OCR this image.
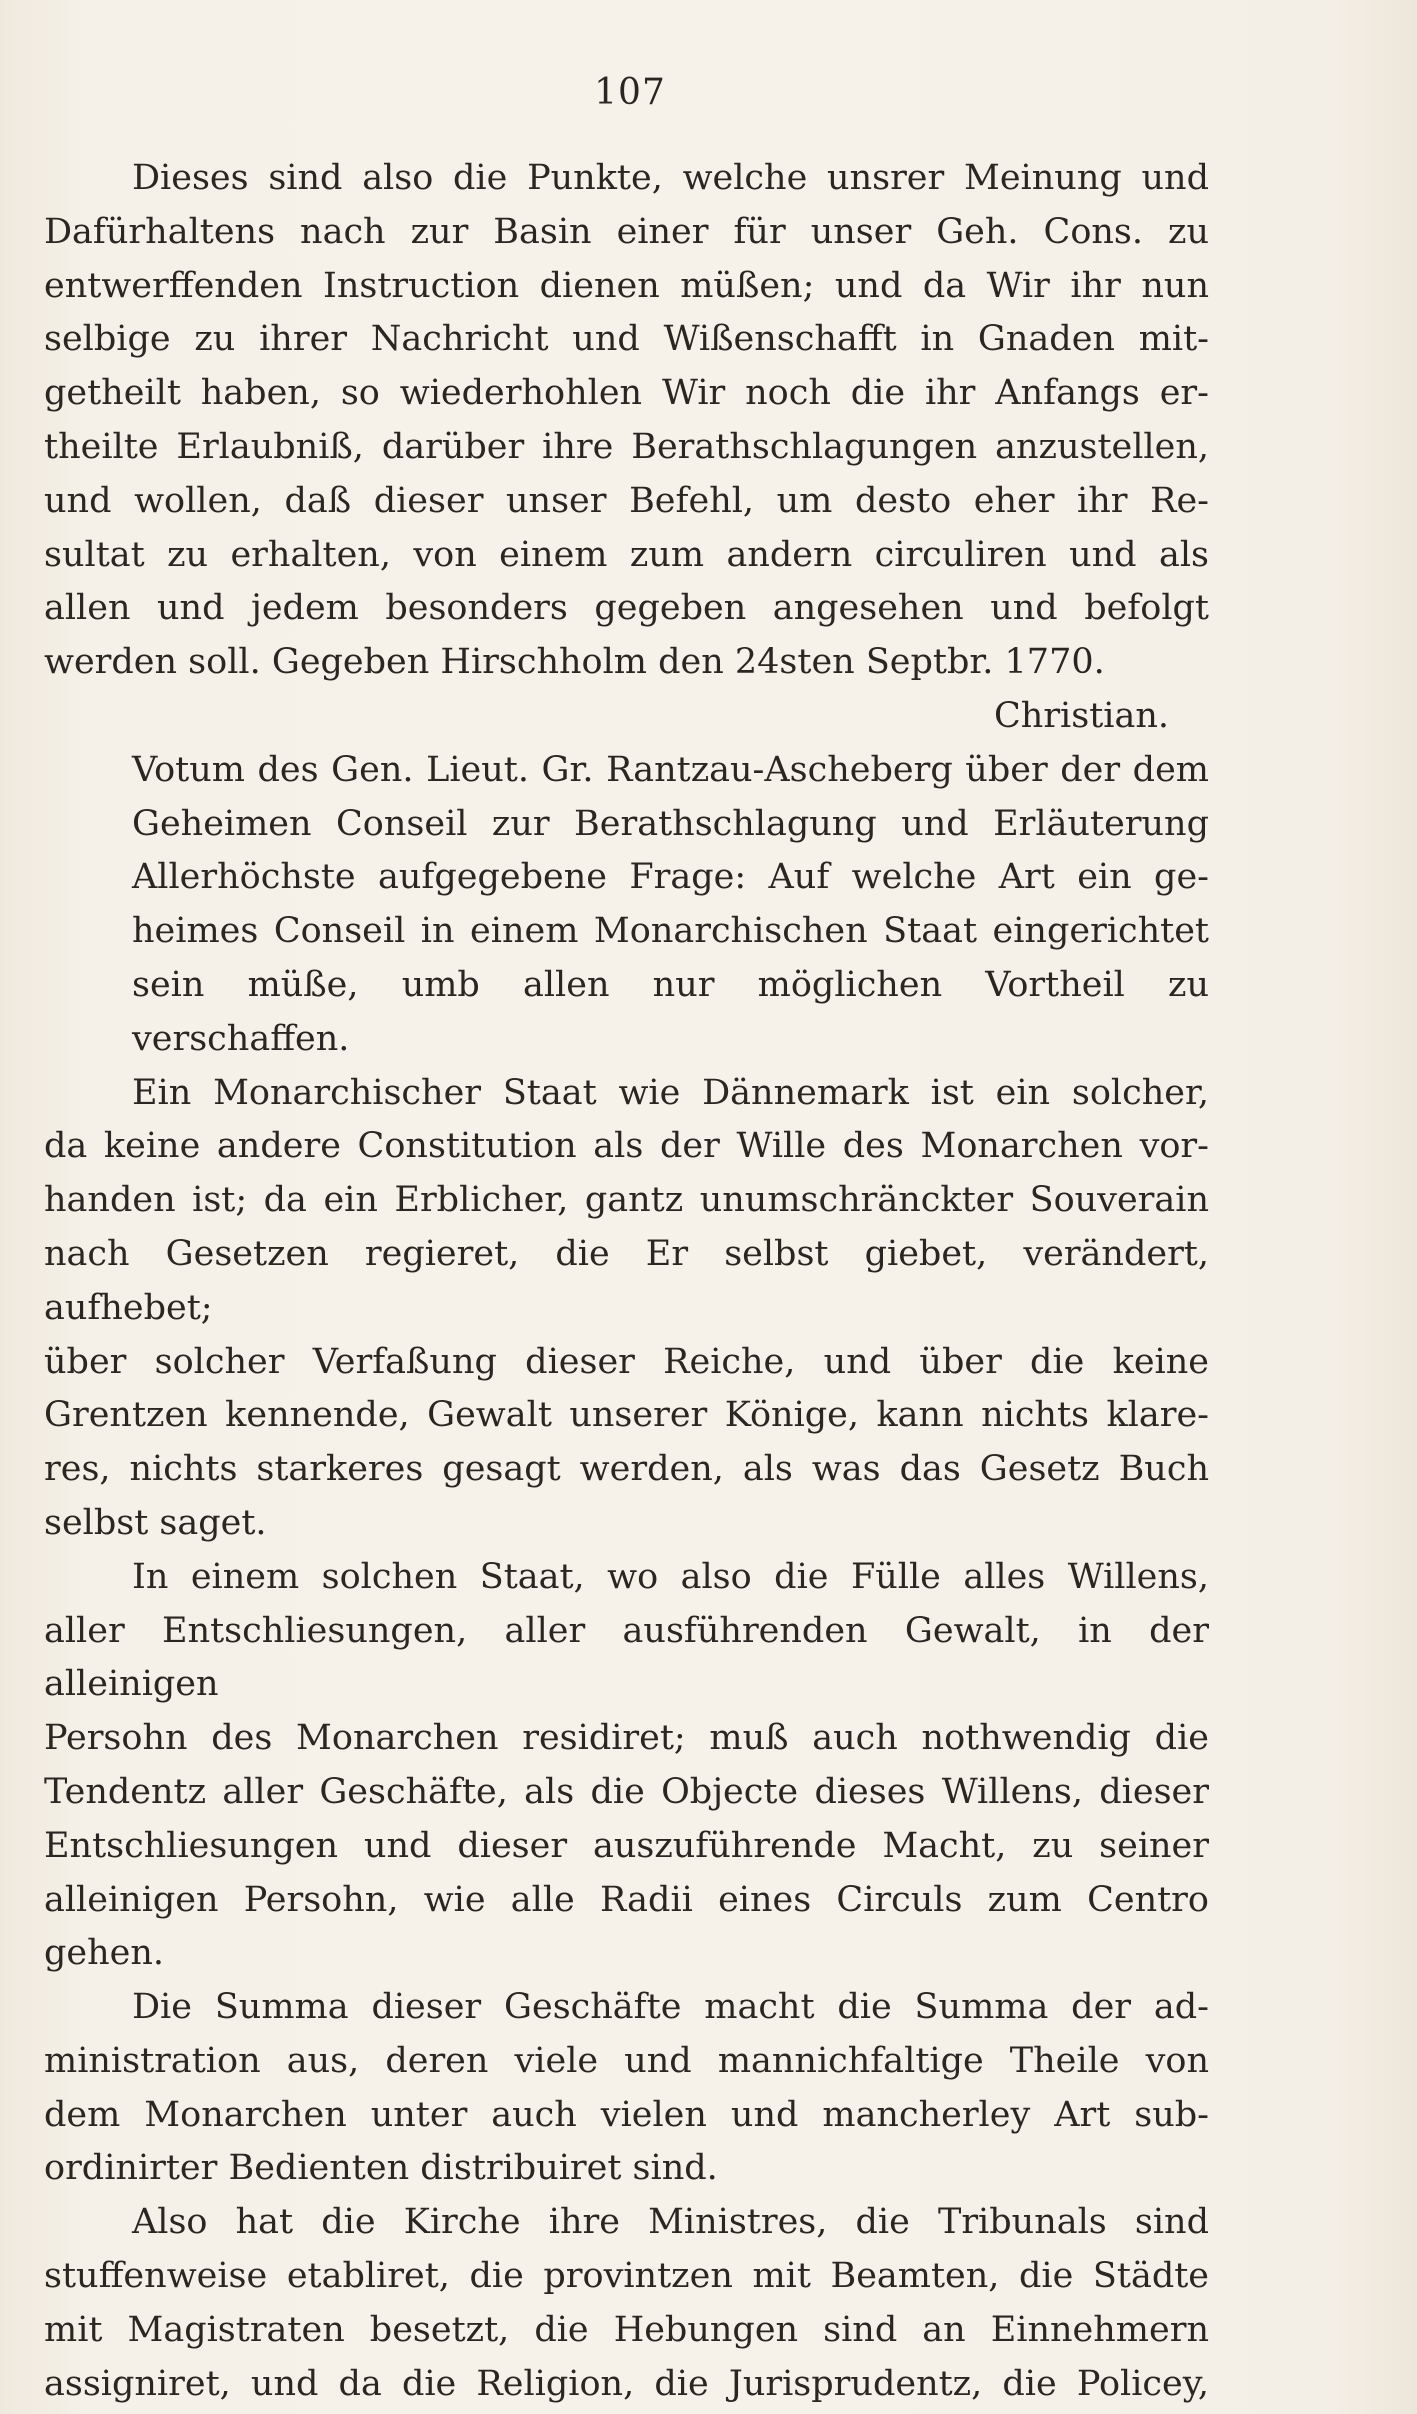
107

Dieses sind also die Punkte, welche unsrer Meinung und

Dafürhaltens nach zur Basin einer für unser Geh. Cons. zu

entwerffenden Instruction dienen müßen; und da Wir ihr nun

selbige zu ihrer Nachricht und Wißenschafft in Gnaden mit-

getheilt haben, so wiederhohlen Wir noch die ihr Anfangs er-

theilte Erlaubniß, darüber ihre Berathschlagungen anzustellen,

und wollen, daß dieser unser Befehl, um desto eher ihr Re-

sultat zu erhalten, von einem zum andern circuliren und als

allen und jedem besonders gegeben angesehen und befolgt

werden soll. Gegeben Hirschholm den 24sten Septbr. 1770.

Christian.

Votum des Gen. Lieut. Gr. Rantzau-Ascheberg über der dem

Geheimen Conseil zur Berathschlagung und Erläuterung

Allerhöchste aufgegebene Frage: Auf welche Art ein ge-

heimes Conseil in einem Monarchischen Staat eingerichtet

sein müße, umb allen nur möglichen Vortheil zu verschaffen.

Ein Monarchischer Staat wie Dännemark ist ein solcher,

da keine andere Constitution als der Wille des Monarchen vor-

handen ist; da ein Erblicher, gantz unumschränckter Souverain

nach Gesetzen regieret, die Er selbst giebet, verändert, aufhebet;

über solcher Verfaßung dieser Reiche, und über die keine

Grentzen kennende, Gewalt unserer Könige, kann nichts klare-

res, nichts starkeres gesagt werden, als was das Gesetz Buch

selbst saget.

In einem solchen Staat, wo also die Fülle alles Willens,

aller Entschliesungen, aller ausführenden Gewalt, in der alleinigen

Persohn des Monarchen residiret; muß auch nothwendig die

Tendentz aller Geschäfte, als die Objecte dieses Willens, dieser

Entschliesungen und dieser auszuführende Macht, zu seiner

alleinigen Persohn, wie alle Radii eines Circuls zum Centro

gehen.

Die Summa dieser Geschäfte macht die Summa der ad-

ministration aus, deren viele und mannichfaltige Theile von

dem Monarchen unter auch vielen und mancherley Art sub-

ordinirter Bedienten distribuiret sind.

Also hat die Kirche ihre Ministres, die Tribunals sind

stuffenweise etabliret, die provintzen mit Beamten, die Städte

mit Magistraten besetzt, die Hebungen sind an Einnehmern

assigniret, und da die Religion, die Jurisprudentz, die Policey,
